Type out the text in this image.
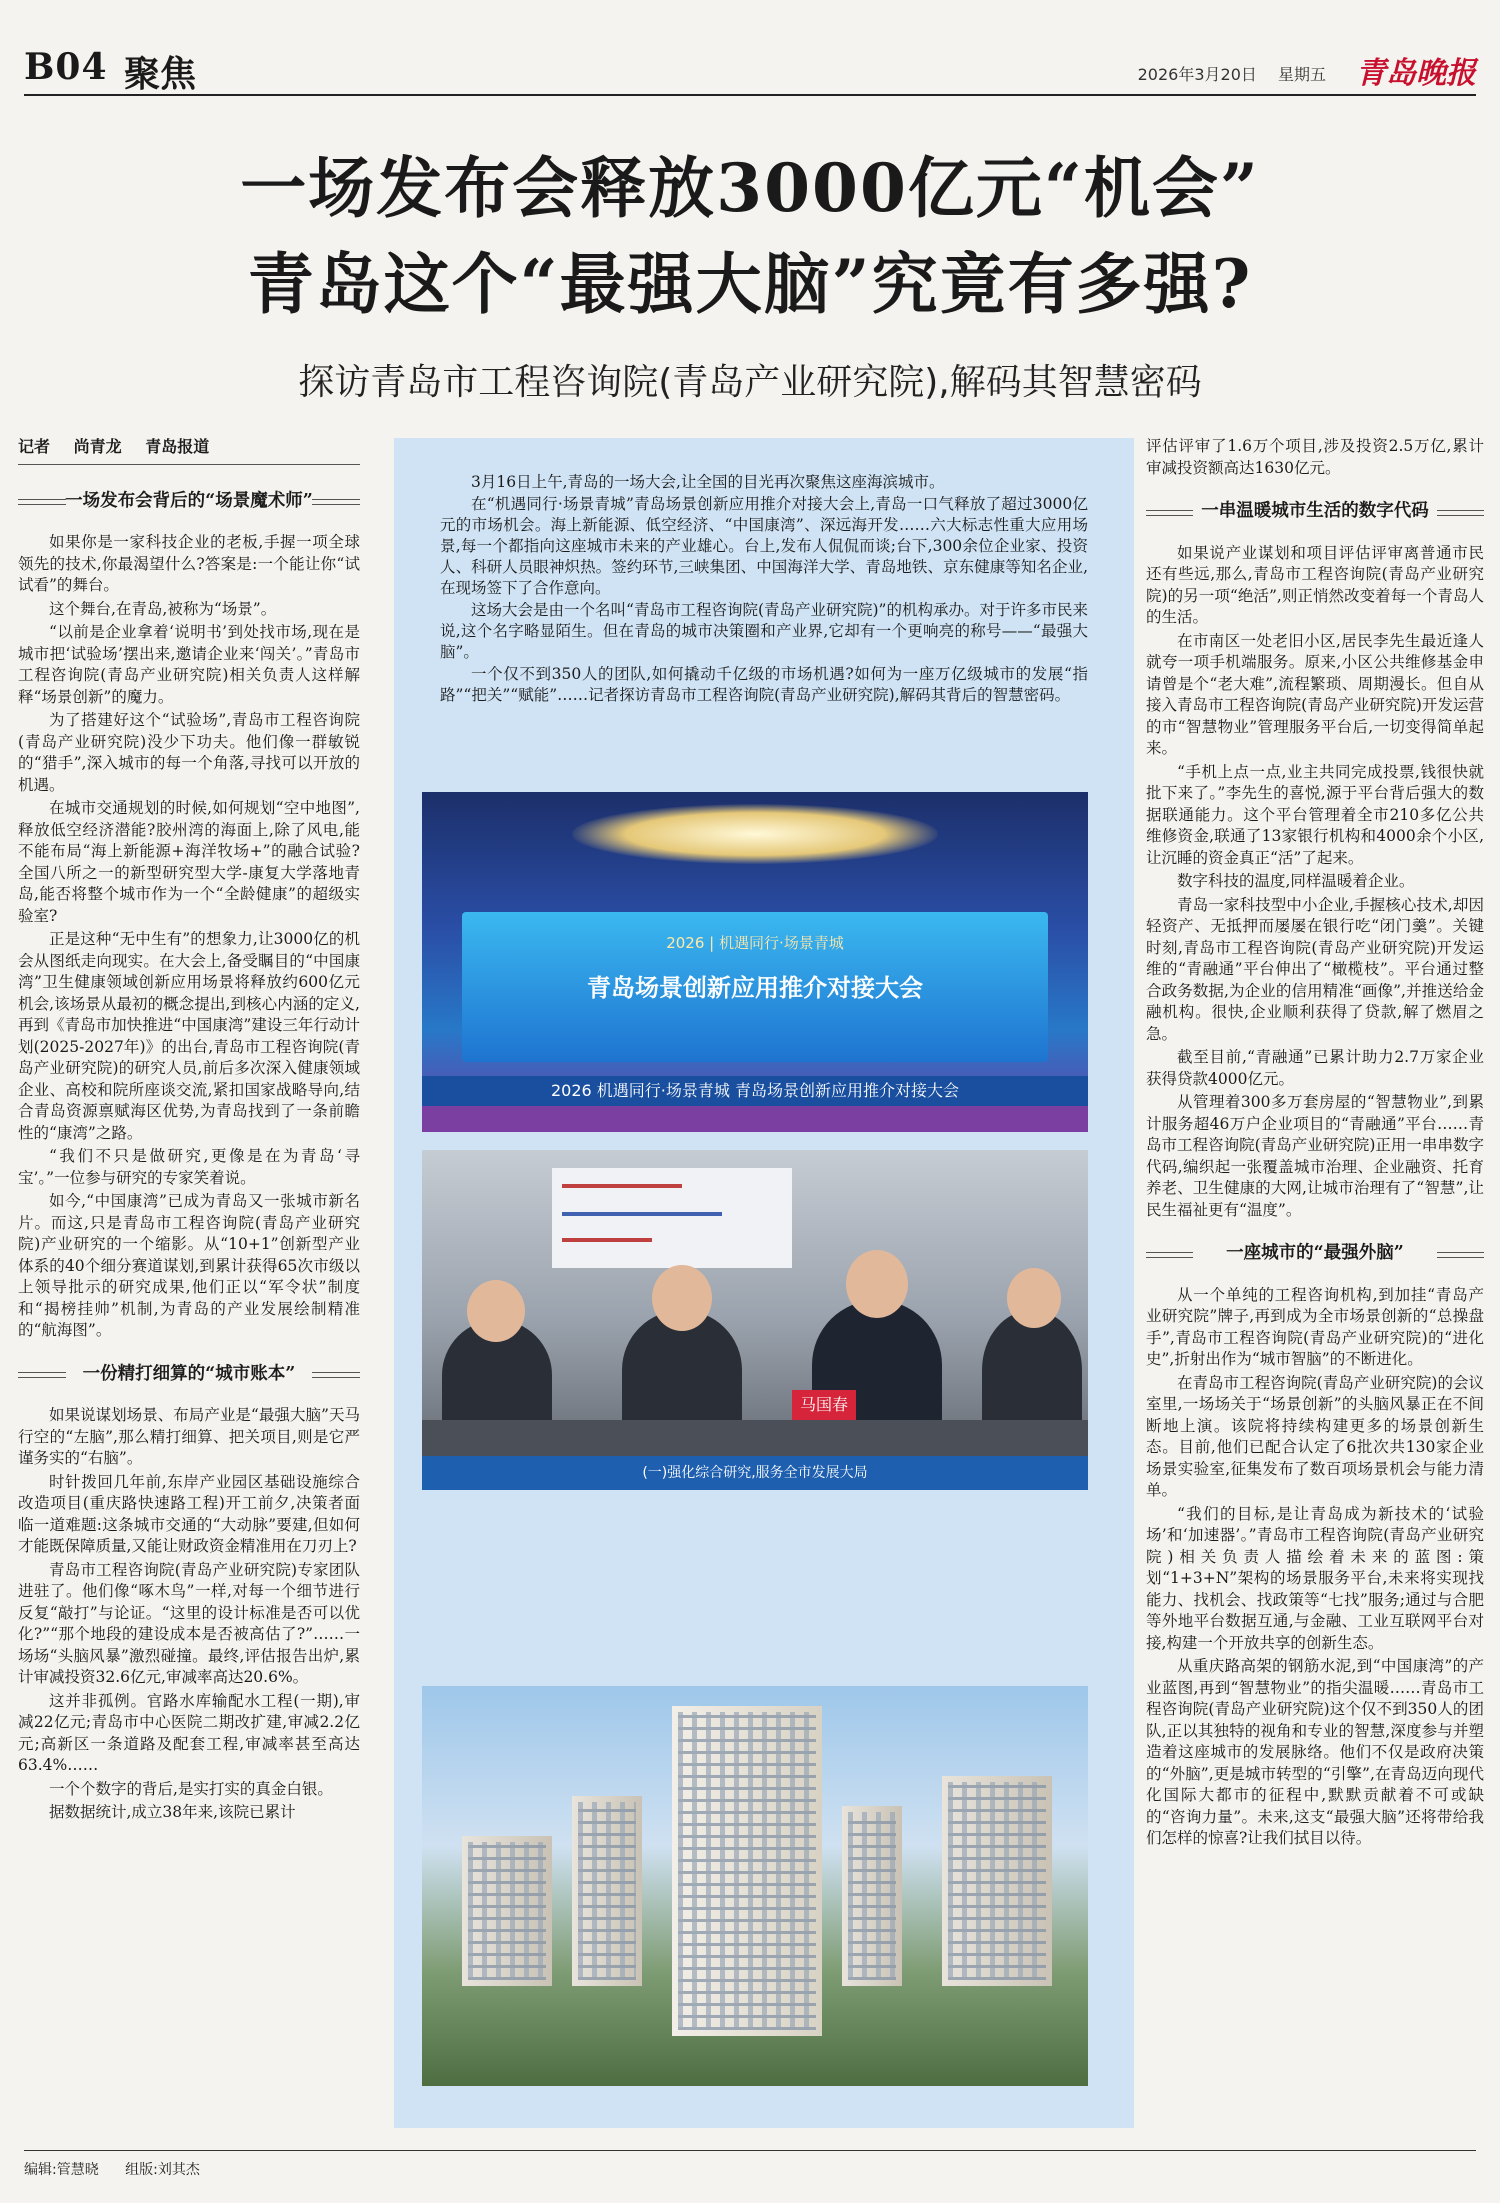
B04 聚焦	2026年3月20日 星期五 青岛晚报
一场发布会释放3000亿元“机会”
青岛这个“最强大脑”究竟有多强?
探访青岛市工程咨询院(青岛产业研究院),解码其智慧密码
记者 尚青龙 青岛报道
一场发布会背后的“场景魔术师”

如果你是一家科技企业的老板,手握一项全球领先的技术,你最渴望什么?答案是:一个能让你“试试看”的舞台。

这个舞台,在青岛,被称为“场景”。

“以前是企业拿着‘说明书’到处找市场,现在是城市把‘试验场’摆出来,邀请企业来‘闯关’。”青岛市工程咨询院(青岛产业研究院)相关负责人这样解释“场景创新”的魔力。

为了搭建好这个“试验场”,青岛市工程咨询院(青岛产业研究院)没少下功夫。他们像一群敏锐的“猎手”,深入城市的每一个角落,寻找可以开放的机遇。

在城市交通规划的时候,如何规划“空中地图”,释放低空经济潜能?胶州湾的海面上,除了风电,能不能布局“海上新能源+海洋牧场+”的融合试验?全国八所之一的新型研究型大学-康复大学落地青岛,能否将整个城市作为一个“全龄健康”的超级实验室?

正是这种“无中生有”的想象力,让3000亿的机会从图纸走向现实。在大会上,备受瞩目的“中国康湾”卫生健康领域创新应用场景将释放约600亿元机会,该场景从最初的概念提出,到核心内涵的定义,再到《青岛市加快推进“中国康湾”建设三年行动计划(2025-2027年)》的出台,青岛市工程咨询院(青岛产业研究院)的研究人员,前后多次深入健康领域企业、高校和院所座谈交流,紧扣国家战略导向,结合青岛资源禀赋海区优势,为青岛找到了一条前瞻性的“康湾”之路。

“我们不只是做研究,更像是在为青岛‘寻宝’。”一位参与研究的专家笑着说。

如今,“中国康湾”已成为青岛又一张城市新名片。而这,只是青岛市工程咨询院(青岛产业研究院)产业研究的一个缩影。从“10+1”创新型产业体系的40个细分赛道谋划,到累计获得65次市级以上领导批示的研究成果,他们正以“军令状”制度和“揭榜挂帅”机制,为青岛的产业发展绘制精准的“航海图”。

一份精打细算的“城市账本”

如果说谋划场景、布局产业是“最强大脑”天马行空的“左脑”,那么精打细算、把关项目,则是它严谨务实的“右脑”。

时针拨回几年前,东岸产业园区基础设施综合改造项目(重庆路快速路工程)开工前夕,决策者面临一道难题:这条城市交通的“大动脉”要建,但如何才能既保障质量,又能让财政资金精准用在刀刃上?

青岛市工程咨询院(青岛产业研究院)专家团队进驻了。他们像“啄木鸟”一样,对每一个细节进行反复“敲打”与论证。“这里的设计标准是否可以优化?”“那个地段的建设成本是否被高估了?”……一场场“头脑风暴”激烈碰撞。最终,评估报告出炉,累计审减投资32.6亿元,审减率高达20.6%。

这并非孤例。官路水库输配水工程(一期),审减22亿元;青岛市中心医院二期改扩建,审减2.2亿元;高新区一条道路及配套工程,审减率甚至高达63.4%……

一个个数字的背后,是实打实的真金白银。

据数据统计,成立38年来,该院已累计

3月16日上午,青岛的一场大会,让全国的目光再次聚焦这座海滨城市。

在“机遇同行·场景青城”青岛场景创新应用推介对接大会上,青岛一口气释放了超过3000亿元的市场机会。海上新能源、低空经济、“中国康湾”、深远海开发……六大标志性重大应用场景,每一个都指向这座城市未来的产业雄心。台上,发布人侃侃而谈;台下,300余位企业家、投资人、科研人员眼神炽热。签约环节,三峡集团、中国海洋大学、青岛地铁、京东健康等知名企业,在现场签下了合作意向。

这场大会是由一个名叫“青岛市工程咨询院(青岛产业研究院)”的机构承办。对于许多市民来说,这个名字略显陌生。但在青岛的城市决策圈和产业界,它却有一个更响亮的称号——“最强大脑”。

一个仅不到350人的团队,如何撬动千亿级的市场机遇?如何为一座万亿级城市的发展“指路”“把关”“赋能”……记者探访青岛市工程咨询院(青岛产业研究院),解码其背后的智慧密码。

2026 | 机遇同行·场景青城
青岛场景创新应用推介对接大会
2026 机遇同行·场景青城 青岛场景创新应用推介对接大会
马国春
(一)强化综合研究,服务全市发展大局

评估评审了1.6万个项目,涉及投资2.5万亿,累计审减投资额高达1630亿元。

一串温暖城市生活的数字代码

如果说产业谋划和项目评估评审离普通市民还有些远,那么,青岛市工程咨询院(青岛产业研究院)的另一项“绝活”,则正悄然改变着每一个青岛人的生活。

在市南区一处老旧小区,居民李先生最近逢人就夸一项手机端服务。原来,小区公共维修基金申请曾是个“老大难”,流程繁琐、周期漫长。但自从接入青岛市工程咨询院(青岛产业研究院)开发运营的市“智慧物业”管理服务平台后,一切变得简单起来。

“手机上点一点,业主共同完成投票,钱很快就批下来了。”李先生的喜悦,源于平台背后强大的数据联通能力。这个平台管理着全市210多亿公共维修资金,联通了13家银行机构和4000余个小区,让沉睡的资金真正“活”了起来。

数字科技的温度,同样温暖着企业。

青岛一家科技型中小企业,手握核心技术,却因轻资产、无抵押而屡屡在银行吃“闭门羹”。关键时刻,青岛市工程咨询院(青岛产业研究院)开发运维的“青融通”平台伸出了“橄榄枝”。平台通过整合政务数据,为企业的信用精准“画像”,并推送给金融机构。很快,企业顺利获得了贷款,解了燃眉之急。

截至目前,“青融通”已累计助力2.7万家企业获得贷款4000亿元。

从管理着300多万套房屋的“智慧物业”,到累计服务超46万户企业项目的“青融通”平台……青岛市工程咨询院(青岛产业研究院)正用一串串数字代码,编织起一张覆盖城市治理、企业融资、托育养老、卫生健康的大网,让城市治理有了“智慧”,让民生福祉更有“温度”。

一座城市的“最强外脑”

从一个单纯的工程咨询机构,到加挂“青岛产业研究院”牌子,再到成为全市场景创新的“总操盘手”,青岛市工程咨询院(青岛产业研究院)的“进化史”,折射出作为“城市智脑”的不断进化。

在青岛市工程咨询院(青岛产业研究院)的会议室里,一场场关于“场景创新”的头脑风暴正在不间断地上演。该院将持续构建更多的场景创新生态。目前,他们已配合认定了6批次共130家企业场景实验室,征集发布了数百项场景机会与能力清单。

“我们的目标,是让青岛成为新技术的‘试验场’和‘加速器’。”青岛市工程咨询院(青岛产业研究院)相关负责人描绘着未来的蓝图:策划“1+3+N”架构的场景服务平台,未来将实现找能力、找机会、找政策等“七找”服务;通过与合肥等外地平台数据互通,与金融、工业互联网平台对接,构建一个开放共享的创新生态。

从重庆路高架的钢筋水泥,到“中国康湾”的产业蓝图,再到“智慧物业”的指尖温暖……青岛市工程咨询院(青岛产业研究院)这个仅不到350人的团队,正以其独特的视角和专业的智慧,深度参与并塑造着这座城市的发展脉络。他们不仅是政府决策的“外脑”,更是城市转型的“引擎”,在青岛迈向现代化国际大都市的征程中,默默贡献着不可或缺的“咨询力量”。未来,这支“最强大脑”还将带给我们怎样的惊喜?让我们拭目以待。

编辑:管慧晓 组版:刘其杰
